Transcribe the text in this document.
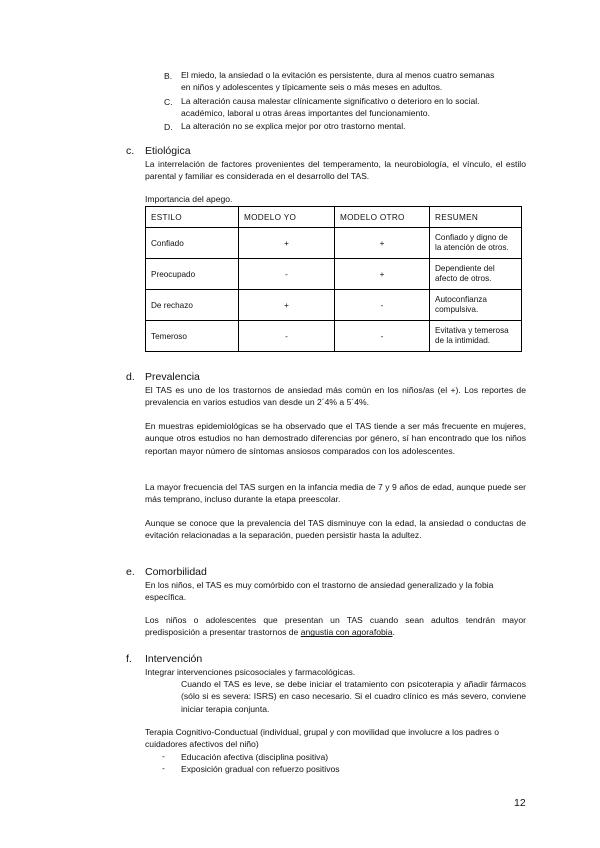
B. El miedo, la ansiedad o la evitación es persistente, dura al menos cuatro semanas
en niños y adolescentes y típicamente seis o más meses en adultos.
C. La alteración causa malestar clínicamente significativo o deterioro en lo social.
académico, laboral u otras áreas importantes del funcionamiento.
D. La alteración no se explica mejor por otro trastorno mental.
c. Etiológica
La interrelación de factores provenientes del temperamento, la neurobiología, el vínculo, el estilo parental y familiar es considerada en el desarrollo del TAS.
Importancia del apego.
ESTILO	MODELO YO	MODELO OTRO	RESUMEN
Confiado	+	+	Confiado y digno de la atención de otros.
Preocupado	-	+	Dependiente del afecto de otros.
De rechazo	+	-	Autoconfianza compulsiva.
Temeroso	-	-	Evitativa y temerosa de la intimidad.
d. Prevalencia
El TAS es uno de los trastornos de ansiedad más común en los niños/as (el +). Los reportes de prevalencia en varios estudios van desde un 2´4% a 5´4%.
En muestras epidemiológicas se ha observado que el TAS tiende a ser más frecuente en mujeres, aunque otros estudios no han demostrado diferencias por género, sí han encontrado que los niños reportan mayor número de síntomas ansiosos comparados con los adolescentes.
La mayor frecuencia del TAS surgen en la infancia media de 7 y 9 años de edad, aunque puede ser más temprano, incluso durante la etapa preescolar.
Aunque se conoce que la prevalencia del TAS disminuye con la edad, la ansiedad o conductas de evitación relacionadas a la separación, pueden persistir hasta la adultez.
e. Comorbilidad
En los niños, el TAS es muy comórbido con el trastorno de ansiedad generalizado y la fobia específica.
Los niños o adolescentes que presentan un TAS cuando sean adultos tendrán mayor predisposición a presentar trastornos de angustia con agorafobia.
f. Intervención
Integrar intervenciones psicosociales y farmacológicas.
Cuando el TAS es leve, se debe iniciar el tratamiento con psicoterapia y añadir fármacos (sólo si es severa: ISRS) en caso necesario. Si el cuadro clínico es más severo, conviene iniciar terapia conjunta.
Terapia Cognitivo-Conductual (individual, grupal y con movilidad que involucre a los padres o cuidadores afectivos del niño)
- Educación afectiva (disciplina positiva)
- Exposición gradual con refuerzo positivos
12
